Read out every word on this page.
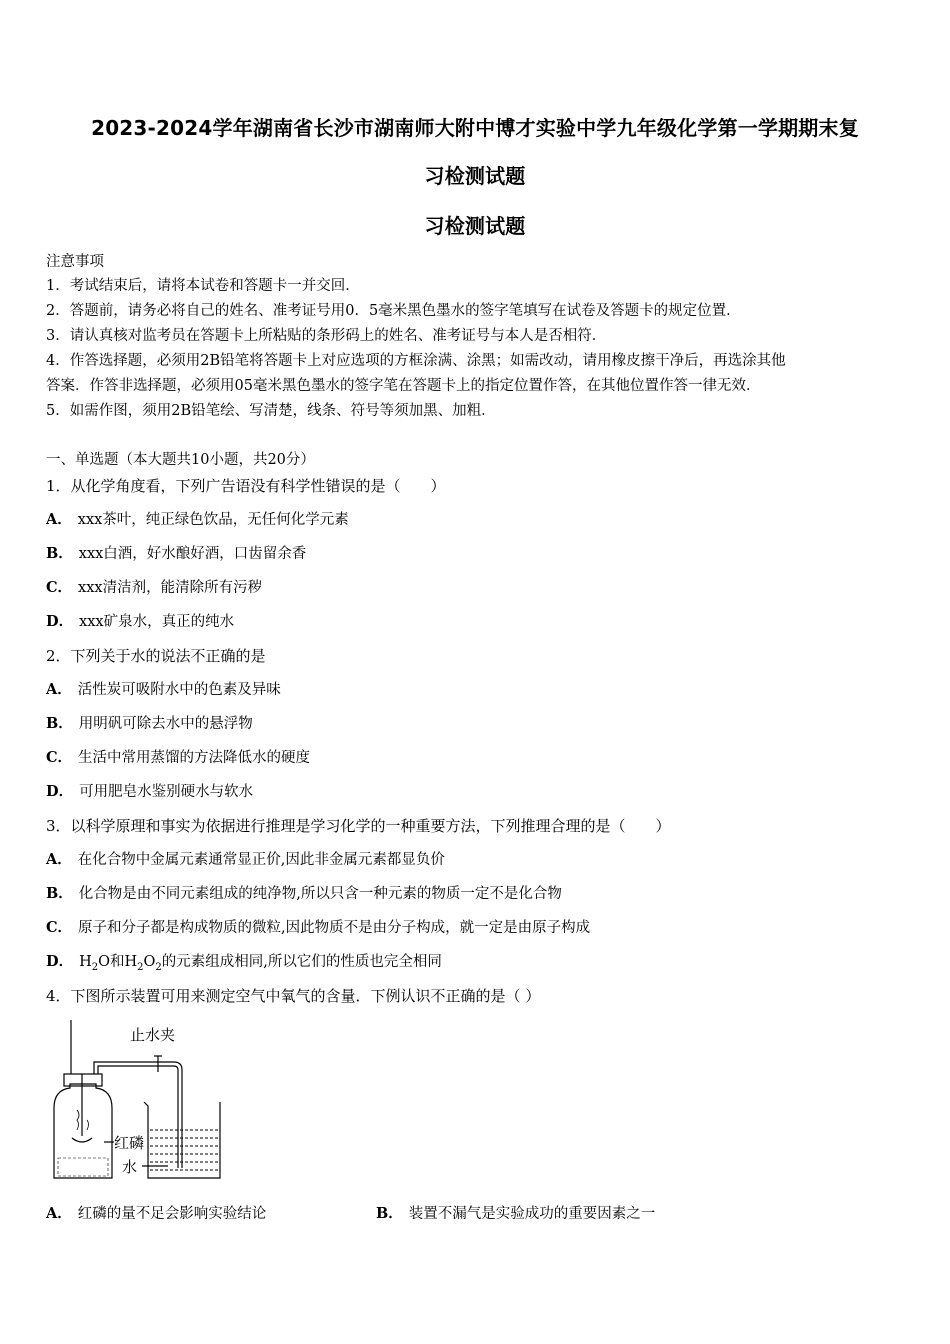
2023-2024学年湖南省长沙市湖南师大附中博才实验中学九年级化学第一学期期末复
习检测试题
习检测试题
注意事项
1．考试结束后，请将本试卷和答题卡一并交回．
2．答题前，请务必将自己的姓名、准考证号用0．5毫米黑色墨水的签字笔填写在试卷及答题卡的规定位置．
3．请认真核对监考员在答题卡上所粘贴的条形码上的姓名、准考证号与本人是否相符．
4．作答选择题，必须用2B铅笔将答题卡上对应选项的方框涂满、涂黑；如需改动，请用橡皮擦干净后，再选涂其他
答案．作答非选择题，必须用05毫米黑色墨水的签字笔在答题卡上的指定位置作答，在其他位置作答一律无效．
5．如需作图，须用2B铅笔绘、写清楚，线条、符号等须加黑、加粗．
一、单选题（本大题共10小题，共20分）
1．从化学角度看，下列广告语没有科学性错误的是（　　）
A． xxx茶叶，纯正绿色饮品，无任何化学元素
B． xxx白酒，好水酿好酒，口齿留余香
C． xxx清洁剂，能清除所有污秽
D． xxx矿泉水，真正的纯水
2．下列关于水的说法不正确的是
A． 活性炭可吸附水中的色素及异味
B． 用明矾可除去水中的悬浮物
C． 生活中常用蒸馏的方法降低水的硬度
D． 可用肥皂水鉴别硬水与软水
3．以科学原理和事实为依据进行推理是学习化学的一种重要方法，下列推理合理的是（　　）
A． 在化合物中金属元素通常显正价,因此非金属元素都显负价
B． 化合物是由不同元素组成的纯净物,所以只含一种元素的物质一定不是化合物
C． 原子和分子都是构成物质的微粒,因此物质不是由分子构成，就一定是由原子构成
D． $H_2O$和$H_2O_2$的元素组成相同,所以它们的性质也完全相同
4．下图所示装置可用来测定空气中氧气的含量．下例认识不正确的是（ ）
止水夹
红磷
水
A． 红磷的量不足会影响实验结论	B． 装置不漏气是实验成功的重要因素之一
